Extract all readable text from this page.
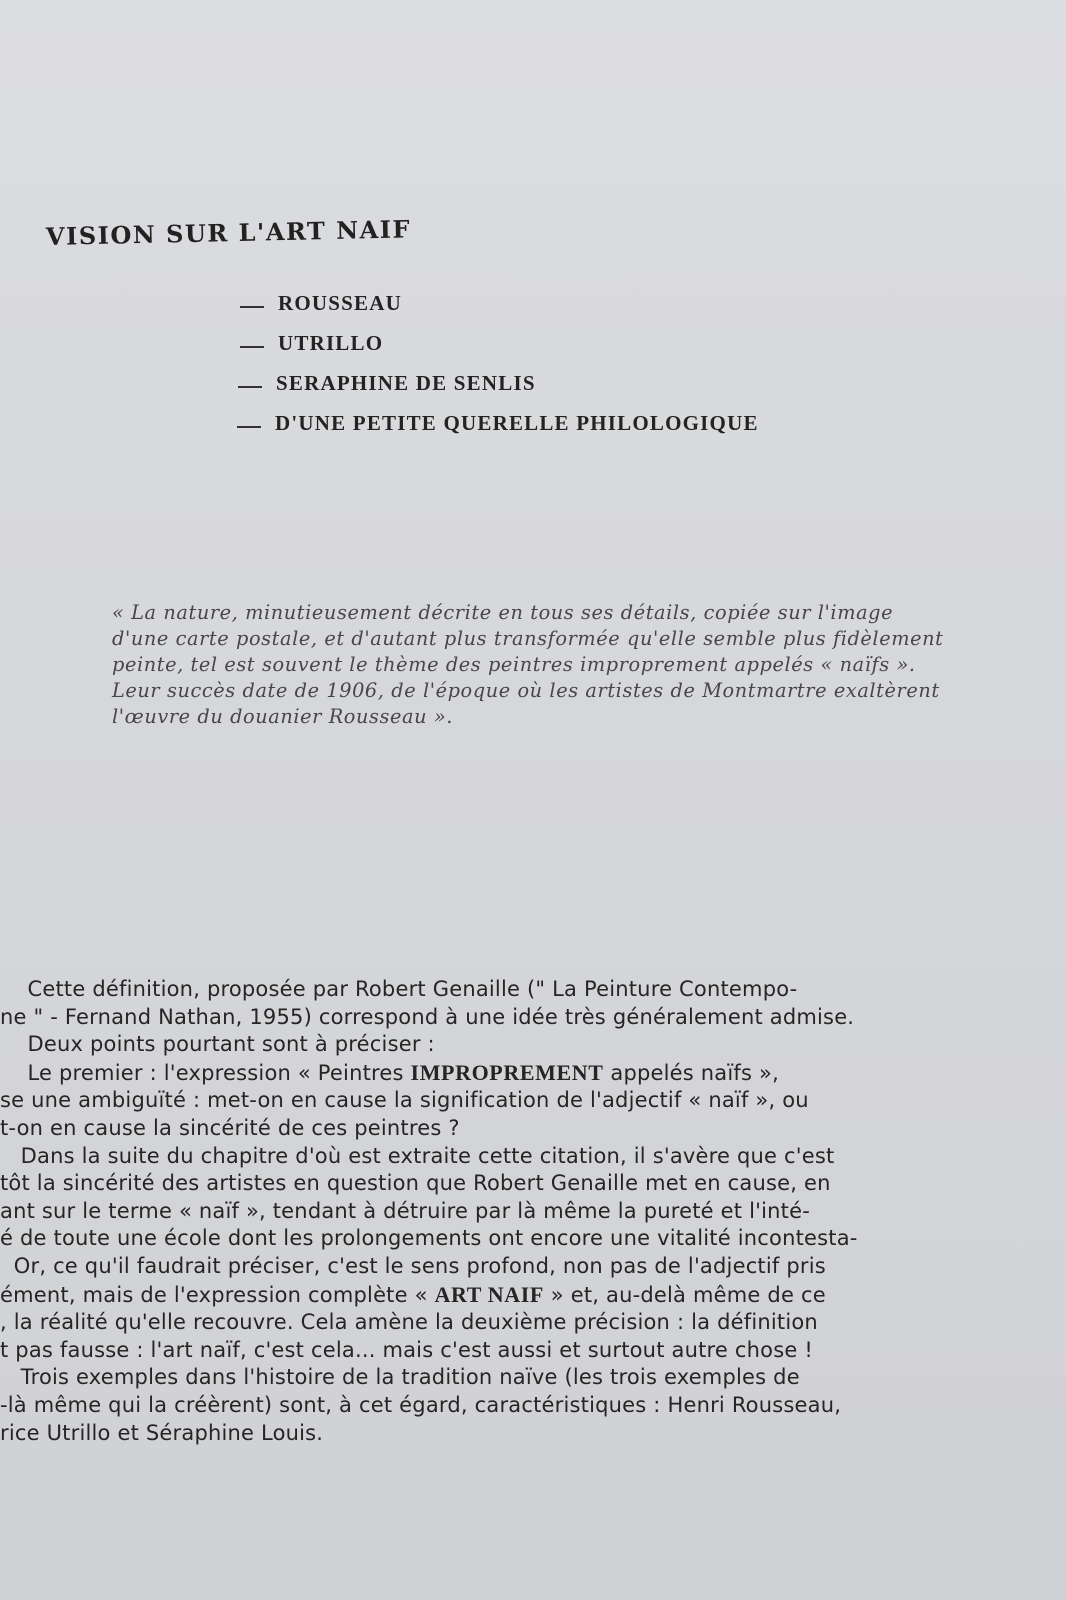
VISION SUR L'ART NAIF
ROUSSEAU
UTRILLO
SERAPHINE DE SENLIS
D'UNE PETITE QUERELLE PHILOLOGIQUE
« La nature, minutieusement décrite en tous ses détails, copiée sur l'image
d'une carte postale, et d'autant plus transformée qu'elle semble plus fidèlement
peinte, tel est souvent le thème des peintres improprement appelés « naïfs ».
Leur succès date de 1906, de l'époque où les artistes de Montmartre exaltèrent
l'œuvre du douanier Rousseau ».
Cette définition, proposée par Robert Genaille (" La Peinture Contempo-
ne " - Fernand Nathan, 1955) correspond à une idée très généralement admise.
Deux points pourtant sont à préciser :
Le premier : l'expression « Peintres IMPROPREMENT appelés naïfs »,
se une ambiguïté : met-on en cause la signification de l'adjectif « naïf », ou
t-on en cause la sincérité de ces peintres ?
Dans la suite du chapitre d'où est extraite cette citation, il s'avère que c'est
tôt la sincérité des artistes en question que Robert Genaille met en cause, en
ant sur le terme « naïf », tendant à détruire par là même la pureté et l'inté-
é de toute une école dont les prolongements ont encore une vitalité incontesta-
Or, ce qu'il faudrait préciser, c'est le sens profond, non pas de l'adjectif pris
ément, mais de l'expression complète « ART NAIF » et, au-delà même de ce
, la réalité qu'elle recouvre. Cela amène la deuxième précision : la définition
t pas fausse : l'art naïf, c'est cela... mais c'est aussi et surtout autre chose !
Trois exemples dans l'histoire de la tradition naïve (les trois exemples de
-là même qui la créèrent) sont, à cet égard, caractéristiques : Henri Rousseau,
rice Utrillo et Séraphine Louis.
